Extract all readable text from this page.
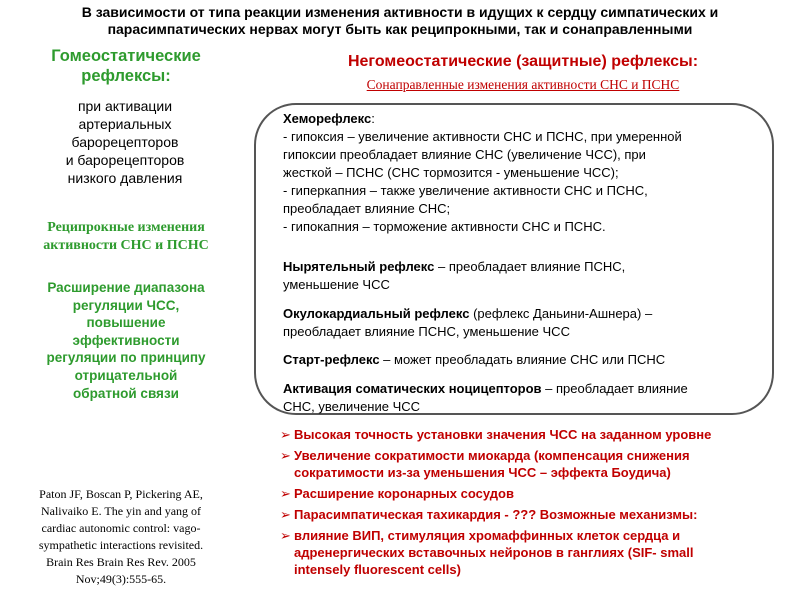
В зависимости от типа реакции изменения активности в идущих к сердцу симпатических и
парасимпатических нервах могут быть как реципрокными, так и сонаправленными
Гомеостатические
рефлексы:
при активации
артериальных
барорецепторов
и барорецепторов
низкого давления
Реципрокные изменения
активности СНС и ПСНС
Расширение диапазона
регуляции ЧСС,
повышение
эффективности
регуляции по принципу
отрицательной
обратной связи
Paton JF, Boscan P, Pickering AE,
Nalivaiko E. The yin and yang of
cardiac autonomic control: vago-
sympathetic interactions revisited.
Brain Res Brain Res Rev. 2005
Nov;49(3):555-65.
Негомеостатические (защитные) рефлексы:
Сонаправленные изменения активности СНС и ПСНС
Хеморефлекс:
- гипоксия – увеличение активности СНС и ПСНС, при умеренной
гипоксии преобладает влияние СНС (увеличение ЧСС), при
жесткой – ПСНС (СНС тормозится - уменьшение ЧСС);
- гиперкапния – также увеличение активности СНС и ПСНС,
преобладает влияние СНС;
- гипокапния – торможение активности СНС и ПСНС.
Нырятельный рефлекс – преобладает влияние ПСНС,
уменьшение ЧСС
Окулокардиальный рефлекс (рефлекс Даньини-Ашнера) –
преобладает влияние ПСНС, уменьшение ЧСС
Старт-рефлекс – может преобладать влияние СНС или ПСНС
Активация соматических ноцицепторов – преобладает влияние
СНС, увеличение ЧСС
➢ Высокая точность установки значения ЧСС на заданном уровне
➢ Увеличение сократимости миокарда (компенсация снижения
сократимости из-за уменьшения ЧСС – эффекта Боудича)
➢ Расширение коронарных сосудов
➢ Парасимпатическая тахикардия - ??? Возможные механизмы:
➢ влияние ВИП, стимуляция хромаффинных клеток сердца и
адренергических вставочных нейронов в ганглиях (SIF- small
intensely fluorescent cells)
